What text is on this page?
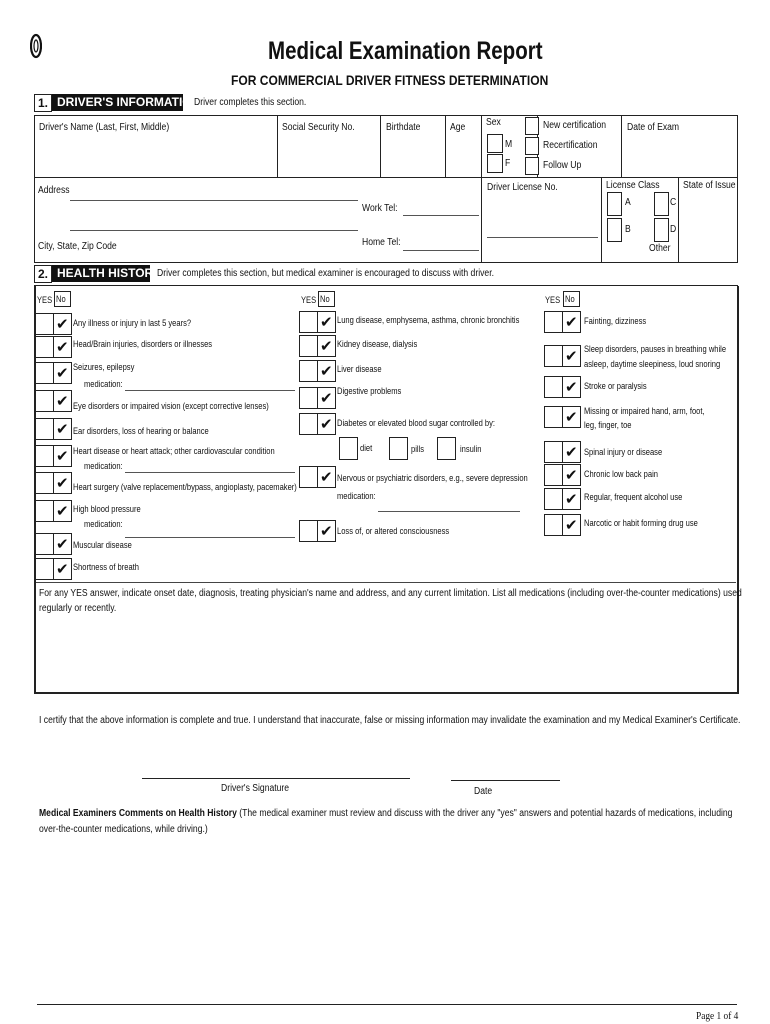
Medical Examination Report
FOR COMMERCIAL DRIVER FITNESS DETERMINATION
1. DRIVER'S INFORMATION
Driver completes this section.
Driver's Name (Last, First, Middle)	Social Security No.	Birthdate	Age Sex
M
F
New certification
Recertification
Follow Up
Date of Exam
Address
Work Tel:
City, State, Zip Code	Home Tel:
Driver License No.	License Class
A	C
B	D
Other
State of Issue
2. HEALTH HISTORY
Driver completes this section, but medical examiner is encouraged to discuss with driver.
YES No	YES No	YES No
✔ Any illness or injury in last 5 years?
✔ Head/Brain injuries, disorders or illnesses
✔ Seizures, epilepsy
medication:
✔ Eye disorders or impaired vision (except corrective lenses)
✔ Ear disorders, loss of hearing or balance
✔ Heart disease or heart attack; other cardiovascular condition
medication:
✔ Heart surgery (valve replacement/bypass, angioplasty, pacemaker)
✔ High blood pressure
medication:
✔ Muscular disease
✔ Shortness of breath
✔ Lung disease, emphysema, asthma, chronic bronchitis
✔ Kidney disease, dialysis
✔ Liver disease
✔ Digestive problems
✔ Diabetes or elevated blood sugar controlled by:
diet	pills	insulin
✔ Nervous or psychiatric disorders, e.g., severe depression
medication:
✔ Loss of, or altered consciousness
✔ Fainting, dizziness
✔ Sleep disorders, pauses in breathing while
asleep, daytime sleepiness, loud snoring
✔ Stroke or paralysis
✔ Missing or impaired hand, arm, foot,
leg, finger, toe
✔ Spinal injury or disease
✔ Chronic low back pain
✔ Regular, frequent alcohol use
✔ Narcotic or habit forming drug use
For any YES answer, indicate onset date, diagnosis, treating physician's name and address, and any current limitation. List all medications (including over-the-counter medications) used
regularly or recently.
I certify that the above information is complete and true. I understand that inaccurate, false or missing information may invalidate the examination and my Medical Examiner's Certificate.
Driver's Signature	Date
Medical Examiners Comments on Health History (The medical examiner must review and discuss with the driver any "yes" answers and potential hazards of medications, including
over-the-counter medications, while driving.)
Page 1 of 4
